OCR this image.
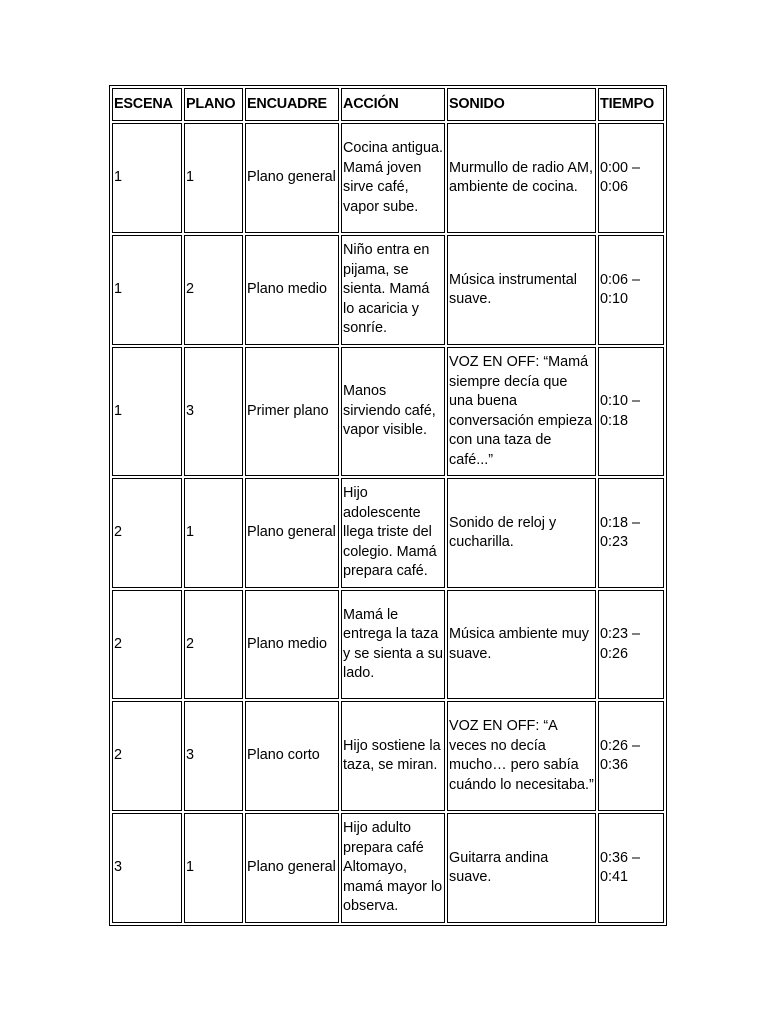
ESCENA	PLANO	ENCUADRE	ACCIÓN	SONIDO	TIEMPO
1	1	Plano general	Cocina antigua. Mamá joven sirve café, vapor sube.	Murmullo de radio AM, ambiente de cocina.	0:00 – 0:06
1	2	Plano medio	Niño entra en pijama, se sienta. Mamá lo acaricia y sonríe.	Música instrumental suave.	0:06 – 0:10
1	3	Primer plano	Manos sirviendo café, vapor visible.	VOZ EN OFF: “Mamá siempre decía que una buena conversación empieza con una taza de café...”	0:10 – 0:18
2	1	Plano general	Hijo adolescente llega triste del colegio. Mamá prepara café.	Sonido de reloj y cucharilla.	0:18 – 0:23
2	2	Plano medio	Mamá le entrega la taza y se sienta a su lado.	Música ambiente muy suave.	0:23 – 0:26
2	3	Plano corto	Hijo sostiene la taza, se miran.	VOZ EN OFF: “A veces no decía mucho… pero sabía cuándo lo necesitaba.”	0:26 – 0:36
3	1	Plano general	Hijo adulto prepara café Altomayo, mamá mayor lo observa.	Guitarra andina suave.	0:36 – 0:41
